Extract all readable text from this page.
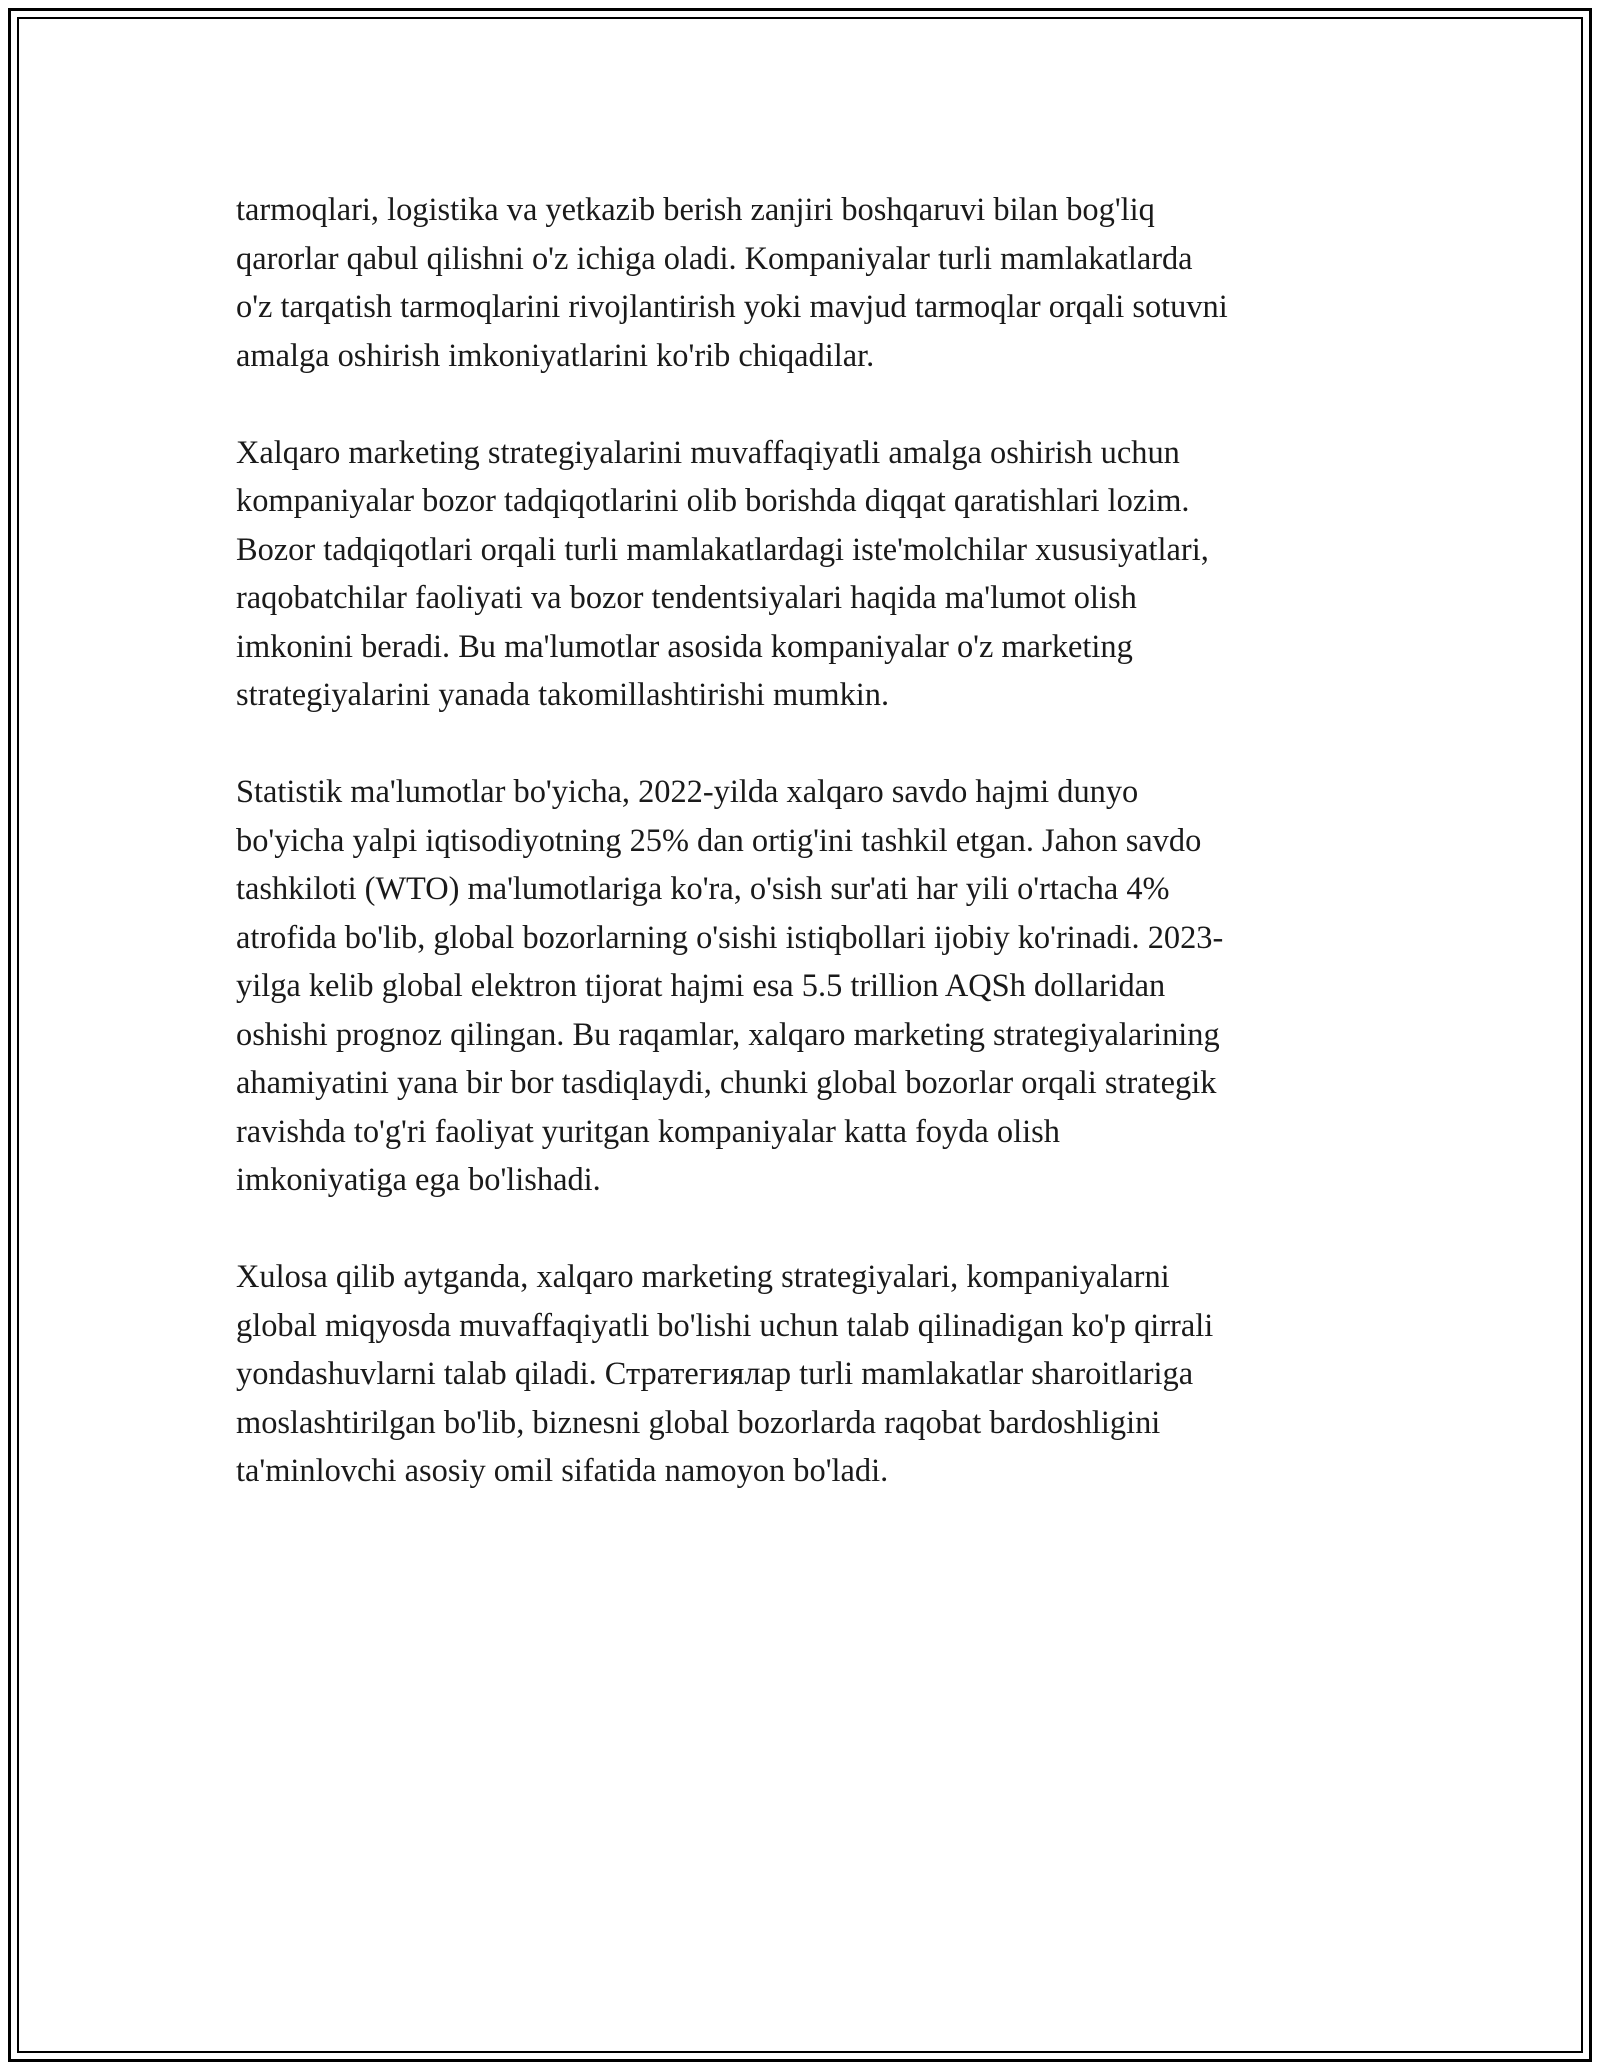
tarmoqlari, logistika va yetkazib berish zanjiri boshqaruvi bilan bog'liq
qarorlar qabul qilishni o'z ichiga oladi. Kompaniyalar turli mamlakatlarda
o'z tarqatish tarmoqlarini rivojlantirish yoki mavjud tarmoqlar orqali sotuvni
amalga oshirish imkoniyatlarini ko'rib chiqadilar.

Xalqaro marketing strategiyalarini muvaffaqiyatli amalga oshirish uchun
kompaniyalar bozor tadqiqotlarini olib borishda diqqat qaratishlari lozim.
Bozor tadqiqotlari orqali turli mamlakatlardagi iste'molchilar xususiyatlari,
raqobatchilar faoliyati va bozor tendentsiyalari haqida ma'lumot olish
imkonini beradi. Bu ma'lumotlar asosida kompaniyalar o'z marketing
strategiyalarini yanada takomillashtirishi mumkin.

Statistik ma'lumotlar bo'yicha, 2022-yilda xalqaro savdo hajmi dunyo
bo'yicha yalpi iqtisodiyotning 25% dan ortig'ini tashkil etgan. Jahon savdo
tashkiloti (WTO) ma'lumotlariga ko'ra, o'sish sur'ati har yili o'rtacha 4%
atrofida bo'lib, global bozorlarning o'sishi istiqbollari ijobiy ko'rinadi. 2023-
yilga kelib global elektron tijorat hajmi esa 5.5 trillion AQSh dollaridan
oshishi prognoz qilingan. Bu raqamlar, xalqaro marketing strategiyalarining
ahamiyatini yana bir bor tasdiqlaydi, chunki global bozorlar orqali strategik
ravishda to'g'ri faoliyat yuritgan kompaniyalar katta foyda olish
imkoniyatiga ega bo'lishadi.

Xulosa qilib aytganda, xalqaro marketing strategiyalari, kompaniyalarni
global miqyosda muvaffaqiyatli bo'lishi uchun talab qilinadigan ko'p qirrali
yondashuvlarni talab qiladi. Стратегиялар turli mamlakatlar sharoitlariga
moslashtirilgan bo'lib, biznesni global bozorlarda raqobat bardoshligini
ta'minlovchi asosiy omil sifatida namoyon bo'ladi.
